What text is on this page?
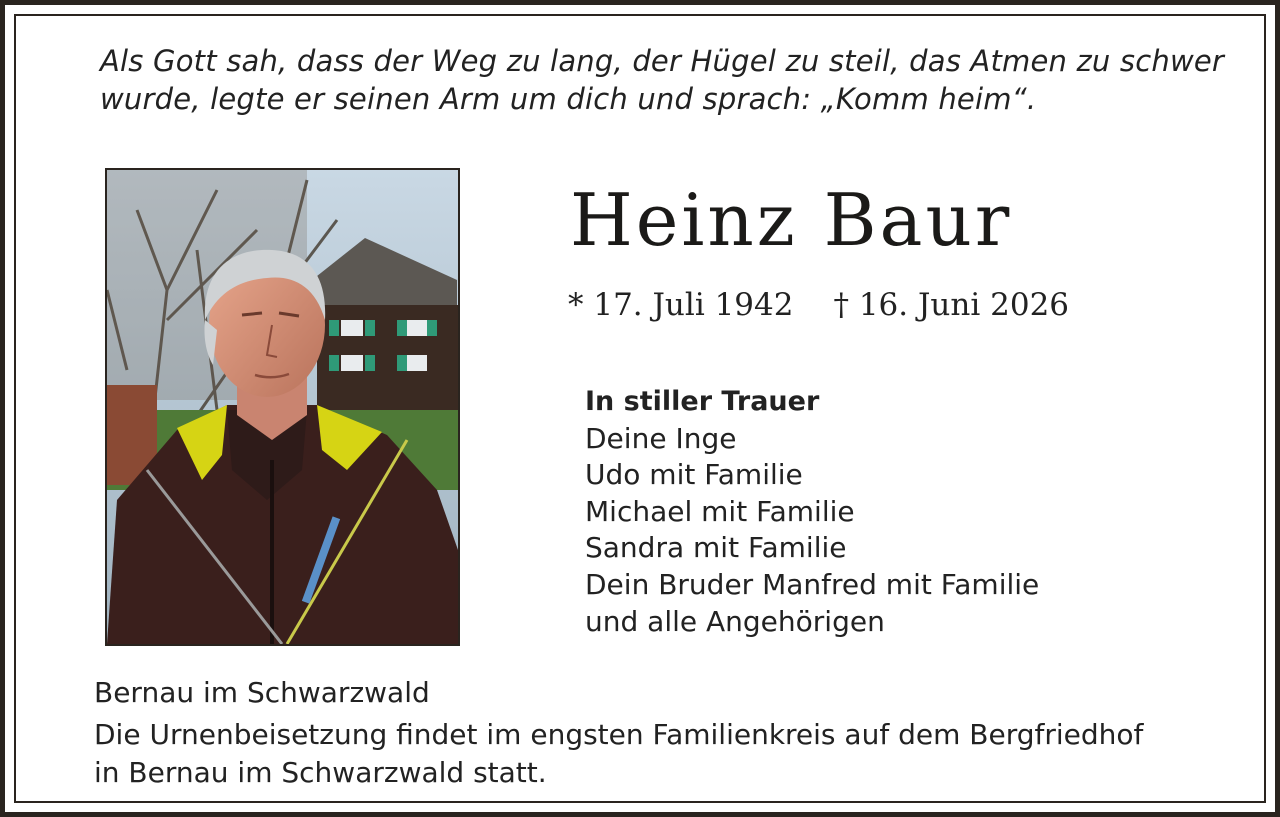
Als Gott sah, dass der Weg zu lang, der Hügel zu steil, das Atmen zu schwer
wurde, legte er seinen Arm um dich und sprach: „Komm heim“.
Heinz Baur
* 17. Juli 1942 † 16. Juni 2026
In stiller Trauer
Deine Inge
Udo mit Familie
Michael mit Familie
Sandra mit Familie
Dein Bruder Manfred mit Familie
und alle Angehörigen
Bernau im Schwarzwald
Die Urnenbeisetzung findet im engsten Familienkreis auf dem Bergfriedhof
in Bernau im Schwarzwald statt.
